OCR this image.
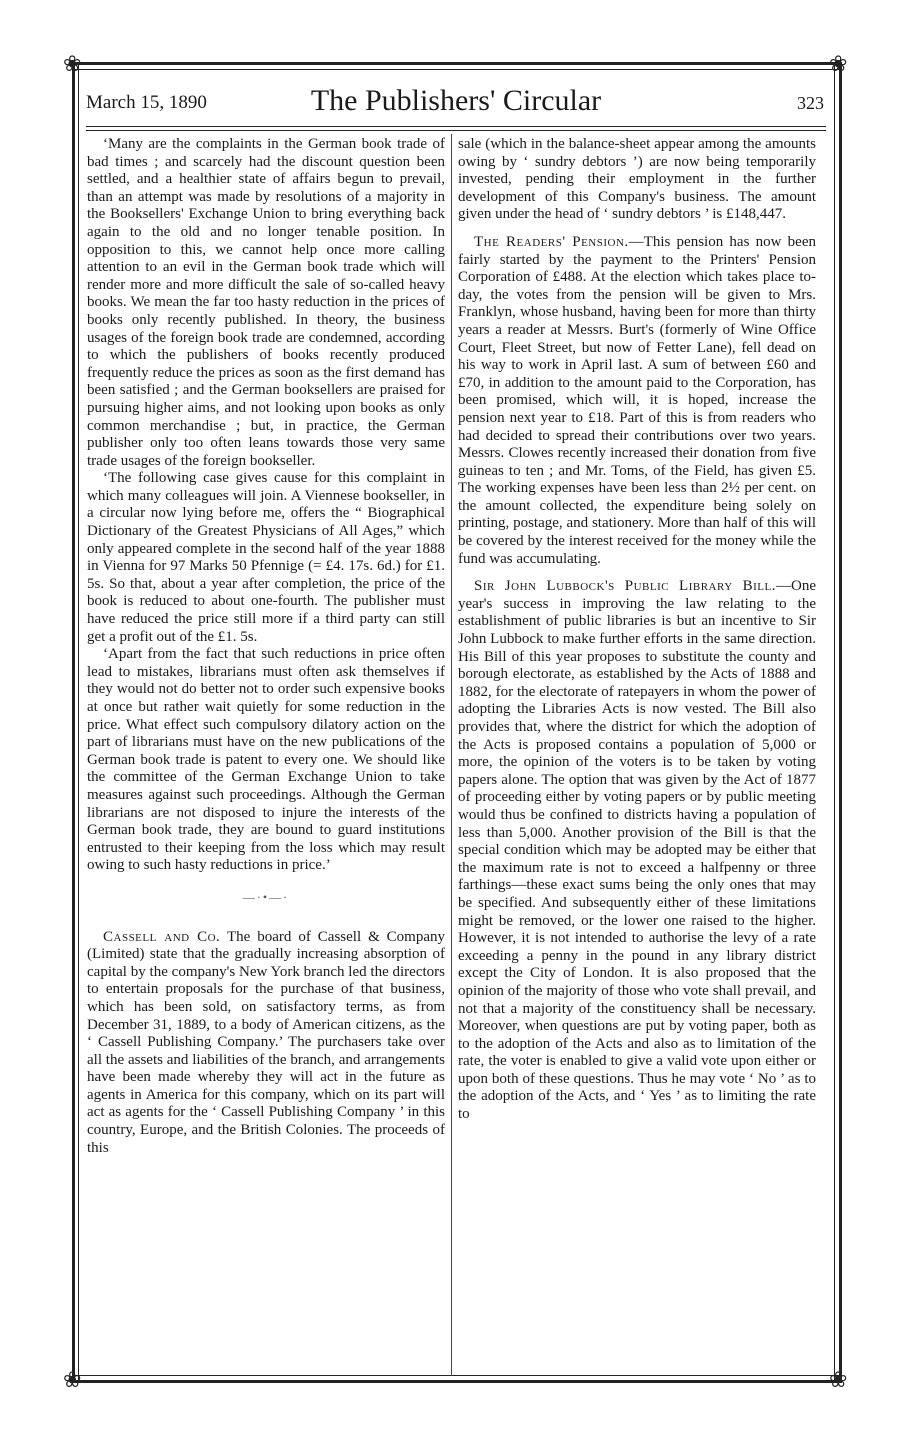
❀	❀
❀	❀
March 15, 1890	The Publishers' Circular	323

‘Many are the complaints in the German book trade of bad times ; and scarcely had the discount question been settled, and a healthier state of affairs begun to prevail, than an attempt was made by resolutions of a majority in the Booksellers' Exchange Union to bring everything back again to the old and no longer tenable position. In opposition to this, we cannot help once more calling attention to an evil in the German book trade which will render more and more difficult the sale of so-called heavy books. We mean the far too hasty reduction in the prices of books only recently published. In theory, the business usages of the foreign book trade are condemned, according to which the publishers of books recently produced frequently reduce the prices as soon as the first demand has been satisfied ; and the German booksellers are praised for pursuing higher aims, and not looking upon books as only common merchandise ; but, in practice, the German publisher only too often leans towards those very same trade usages of the foreign bookseller.

‘The following case gives cause for this complaint in which many colleagues will join. A Viennese bookseller, in a circular now lying before me, offers the “ Biographical Dictionary of the Greatest Physicians of All Ages,” which only appeared complete in the second half of the year 1888 in Vienna for 97 Marks 50 Pfennige (= £4. 17s. 6d.) for £1. 5s. So that, about a year after completion, the price of the book is reduced to about one-fourth. The publisher must have reduced the price still more if a third party can still get a profit out of the £1. 5s.

‘Apart from the fact that such reductions in price often lead to mistakes, librarians must often ask themselves if they would not do better not to order such expensive books at once but rather wait quietly for some reduction in the price. What effect such compulsory dilatory action on the part of librarians must have on the new publications of the German book trade is patent to every one. We should like the committee of the German Exchange Union to take measures against such proceedings. Although the German librarians are not disposed to injure the interests of the German book trade, they are bound to guard institutions entrusted to their keeping from the loss which may result owing to such hasty reductions in price.’

—·•—·

Cassell and Co. The board of Cassell & Company (Limited) state that the gradually increasing absorption of capital by the company's New York branch led the directors to entertain proposals for the purchase of that business, which has been sold, on satisfactory terms, as from December 31, 1889, to a body of American citizens, as the ‘ Cassell Publishing Company.’ The purchasers take over all the assets and liabilities of the branch, and arrangements have been made whereby they will act in the future as agents in America for this company, which on its part will act as agents for the ‘ Cassell Publishing Company ’ in this country, Europe, and the British Colonies. The proceeds of this

sale (which in the balance-sheet appear among the amounts owing by ‘ sundry debtors ’) are now being temporarily invested, pending their employment in the further development of this Company's business. The amount given under the head of ‘ sundry debtors ’ is £148,447.

The Readers' Pension.—This pension has now been fairly started by the payment to the Printers' Pension Corporation of £488. At the election which takes place to-day, the votes from the pension will be given to Mrs. Franklyn, whose husband, having been for more than thirty years a reader at Messrs. Burt's (formerly of Wine Office Court, Fleet Street, but now of Fetter Lane), fell dead on his way to work in April last. A sum of between £60 and £70, in addition to the amount paid to the Corporation, has been promised, which will, it is hoped, increase the pension next year to £18. Part of this is from readers who had decided to spread their contributions over two years. Messrs. Clowes recently increased their donation from five guineas to ten ; and Mr. Toms, of the Field, has given £5. The working expenses have been less than 2½ per cent. on the amount collected, the expenditure being solely on printing, postage, and stationery. More than half of this will be covered by the interest received for the money while the fund was accumulating.

Sir John Lubbock's Public Library Bill.—One year's success in improving the law relating to the establishment of public libraries is but an incentive to Sir John Lubbock to make further efforts in the same direction. His Bill of this year proposes to substitute the county and borough electorate, as established by the Acts of 1888 and 1882, for the electorate of ratepayers in whom the power of adopting the Libraries Acts is now vested. The Bill also provides that, where the district for which the adoption of the Acts is proposed contains a population of 5,000 or more, the opinion of the voters is to be taken by voting papers alone. The option that was given by the Act of 1877 of proceeding either by voting papers or by public meeting would thus be confined to districts having a population of less than 5,000. Another provision of the Bill is that the special condition which may be adopted may be either that the maximum rate is not to exceed a halfpenny or three farthings—these exact sums being the only ones that may be specified. And subsequently either of these limitations might be removed, or the lower one raised to the higher. However, it is not intended to authorise the levy of a rate exceeding a penny in the pound in any library district except the City of London. It is also proposed that the opinion of the majority of those who vote shall prevail, and not that a majority of the constituency shall be necessary. Moreover, when questions are put by voting paper, both as to the adoption of the Acts and also as to limitation of the rate, the voter is enabled to give a valid vote upon either or upon both of these questions. Thus he may vote ‘ No ’ as to the adoption of the Acts, and ‘ Yes ’ as to limiting the rate to
